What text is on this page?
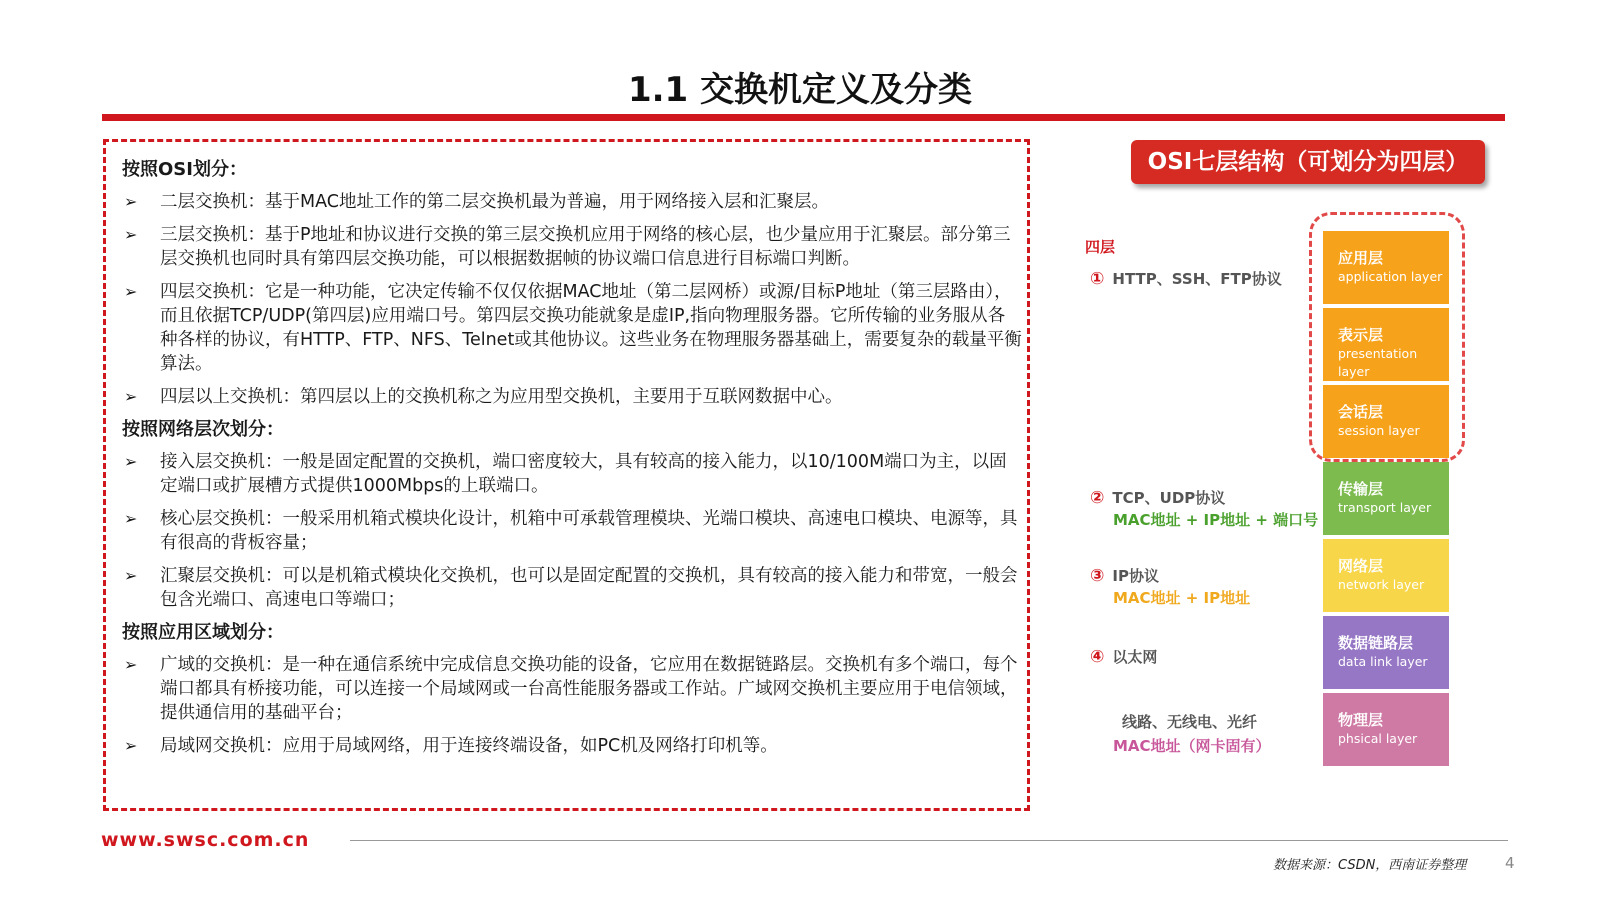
1.1 交换机定义及分类
按照OSI划分：
➢ 二层交换机：基于MAC地址工作的第二层交换机最为普遍，用于网络接入层和汇聚层。
➢ 三层交换机：基于P地址和协议进行交换的第三层交换机应用于网络的核心层，也少量应用于汇聚层。部分第三层交换机也同时具有第四层交换功能，可以根据数据帧的协议端口信息进行目标端口判断。
➢ 四层交换机：它是一种功能，它决定传输不仅仅依据MAC地址（第二层网桥）或源/目标P地址（第三层路由），而且依据TCP/UDP(第四层)应用端口号。第四层交换功能就象是虚IP,指向物理服务器。它所传输的业务服从各种各样的协议，有HTTP、FTP、NFS、Telnet或其他协议。这些业务在物理服务器基础上，需要复杂的载量平衡算法。
➢ 四层以上交换机：第四层以上的交换机称之为应用型交换机，主要用于互联网数据中心。
按照网络层次划分：
➢ 接入层交换机：一般是固定配置的交换机，端口密度较大，具有较高的接入能力，以10/100M端口为主，以固定端口或扩展槽方式提供1000Mbps的上联端口。
➢ 核心层交换机：一般采用机箱式模块化设计，机箱中可承载管理模块、光端口模块、高速电口模块、电源等，具有很高的背板容量；
➢ 汇聚层交换机：可以是机箱式模块化交换机，也可以是固定配置的交换机，具有较高的接入能力和带宽，一般会包含光端口、高速电口等端口；
按照应用区域划分：
➢ 广域的交换机：是一种在通信系统中完成信息交换功能的设备，它应用在数据链路层。交换机有多个端口，每个端口都具有桥接功能，可以连接一个局域网或一台高性能服务器或工作站。广域网交换机主要应用于电信领域，提供通信用的基础平台；
➢ 局域网交换机：应用于局域网络，用于连接终端设备，如PC机及网络打印机等。
OSI七层结构（可划分为四层）
应用层
application layer
表示层
presentation layer
会话层
session layer
传输层
transport layer
网络层
network layer
数据链路层
data link layer
物理层
phsical layer
四层
① HTTP、SSH、FTP协议
② TCP、UDP协议
MAC地址 + IP地址 + 端口号
③ IP协议
MAC地址 + IP地址
④ 以太网
线路、无线电、光纤
MAC地址（网卡固有）
www.swsc.com.cn
数据来源：CSDN，西南证券整理	4
